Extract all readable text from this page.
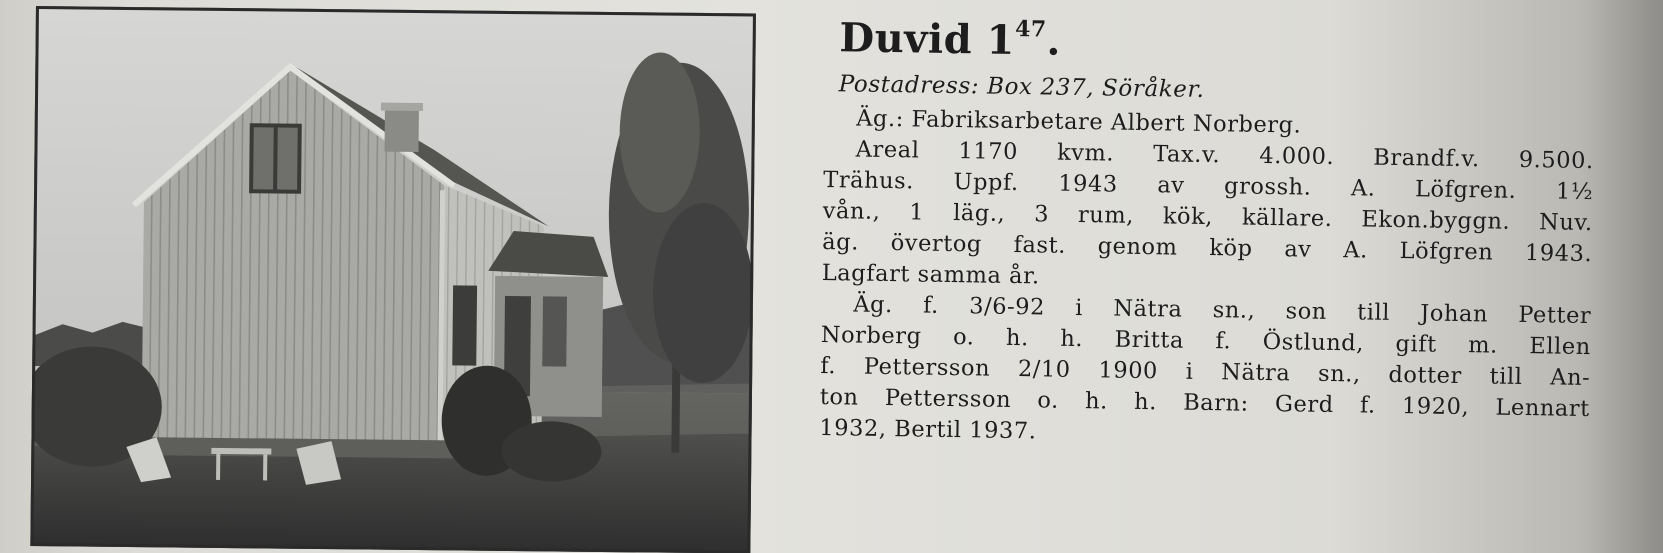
Duvid $1^{47}$.
Postadress: Box 237, Söråker.
Äg.: Fabriksarbetare Albert Norberg.
Areal 1170 kvm. Tax.v. 4.000. Brandf.v. 9.500.
Trähus. Uppf. 1943 av grossh. A. Löfgren. 1½
vån., 1 läg., 3 rum, kök, källare. Ekon.byggn. Nuv.
äg. övertog fast. genom köp av A. Löfgren 1943.
Lagfart samma år.
Äg. f. 3/6-92 i Nätra sn., son till Johan Petter
Norberg o. h. h. Britta f. Östlund, gift m. Ellen
f. Pettersson 2/10 1900 i Nätra sn., dotter till An-
ton Pettersson o. h. h. Barn: Gerd f. 1920, Lennart
1932, Bertil 1937.
